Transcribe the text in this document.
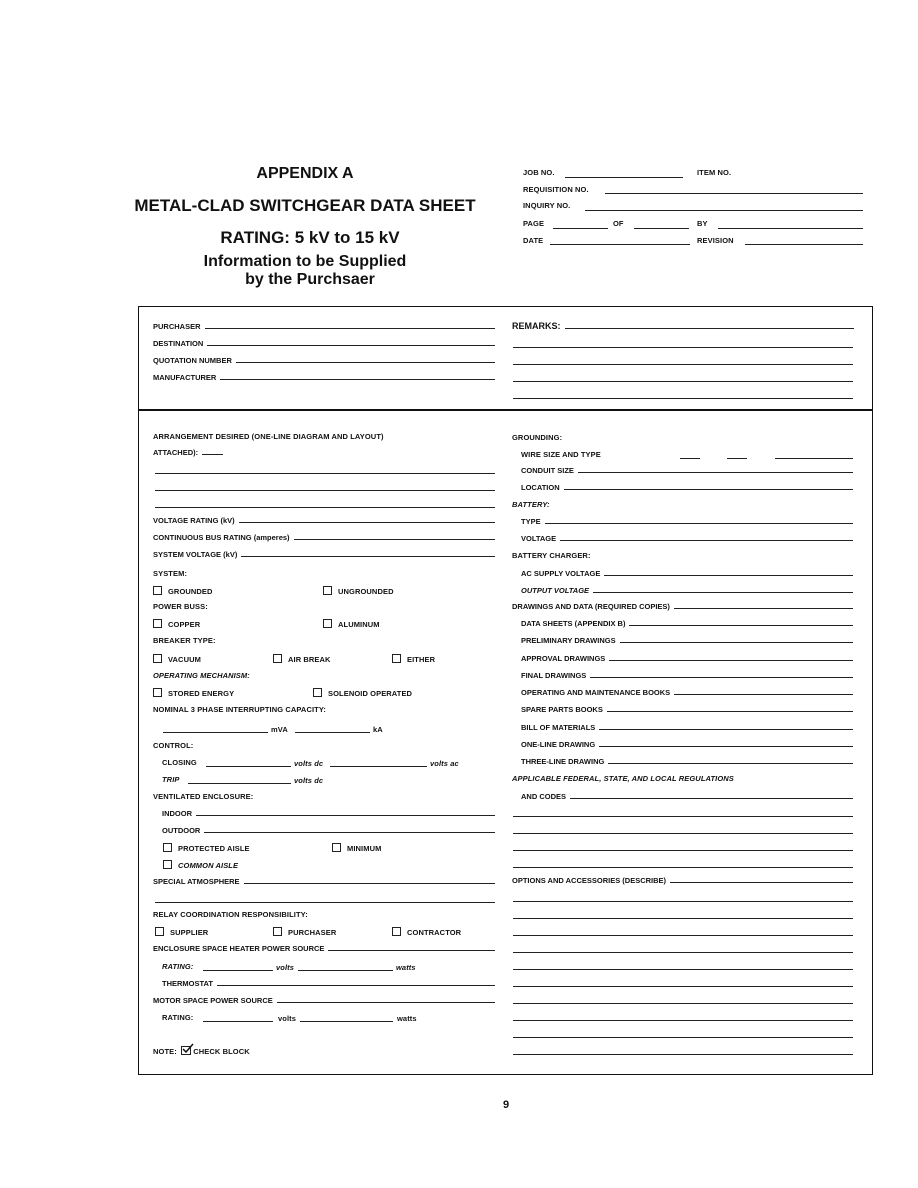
APPENDIX A
METAL-CLAD SWITCHGEAR DATA SHEET
RATING: 5 kV to 15 kV
Information to be Supplied
by the Purchsaer
JOB NO.	ITEM NO.
REQUISITION NO.
INQUIRY NO.
PAGE	OF	BY
DATE	REVISION
PURCHASER
DESTINATION
QUOTATION NUMBER
MANUFACTURER
REMARKS:
ARRANGEMENT DESIRED (ONE-LINE DIAGRAM AND LAYOUT)
ATTACHED):
VOLTAGE RATING (kV)
CONTINUOUS BUS RATING (amperes)
SYSTEM VOLTAGE (kV)
SYSTEM:
GROUNDED	UNGROUNDED
POWER BUSS:
COPPER	ALUMINUM
BREAKER TYPE:
VACUUM	AIR BREAK	EITHER
OPERATING MECHANISM:
STORED ENERGY	SOLENOID OPERATED
NOMINAL 3 PHASE INTERRUPTING CAPACITY:
mVA	kA
CONTROL:
CLOSING	volts dc	volts ac
TRIP	volts dc
VENTILATED ENCLOSURE:
INDOOR
OUTDOOR
PROTECTED AISLE	MINIMUM
COMMON AISLE
SPECIAL ATMOSPHERE
RELAY COORDINATION RESPONSIBILITY:
SUPPLIER	PURCHASER	CONTRACTOR
ENCLOSURE SPACE HEATER POWER SOURCE
RATING:	volts	watts
THERMOSTAT
MOTOR SPACE POWER SOURCE
RATING:	volts	watts
NOTE: CHECK BLOCK
GROUNDING:
WIRE SIZE AND TYPE
CONDUIT SIZE
LOCATION
BATTERY:
TYPE
VOLTAGE
BATTERY CHARGER:
AC SUPPLY VOLTAGE
OUTPUT VOLTAGE
DRAWINGS AND DATA (REQUIRED COPIES)
DATA SHEETS (APPENDIX B)
PRELIMINARY DRAWINGS
APPROVAL DRAWINGS
FINAL DRAWINGS
OPERATING AND MAINTENANCE BOOKS
SPARE PARTS BOOKS
BILL OF MATERIALS
ONE-LINE DRAWING
THREE-LINE DRAWING
APPLICABLE FEDERAL, STATE, AND LOCAL REGULATIONS
AND CODES
OPTIONS AND ACCESSORIES (DESCRIBE)
9
